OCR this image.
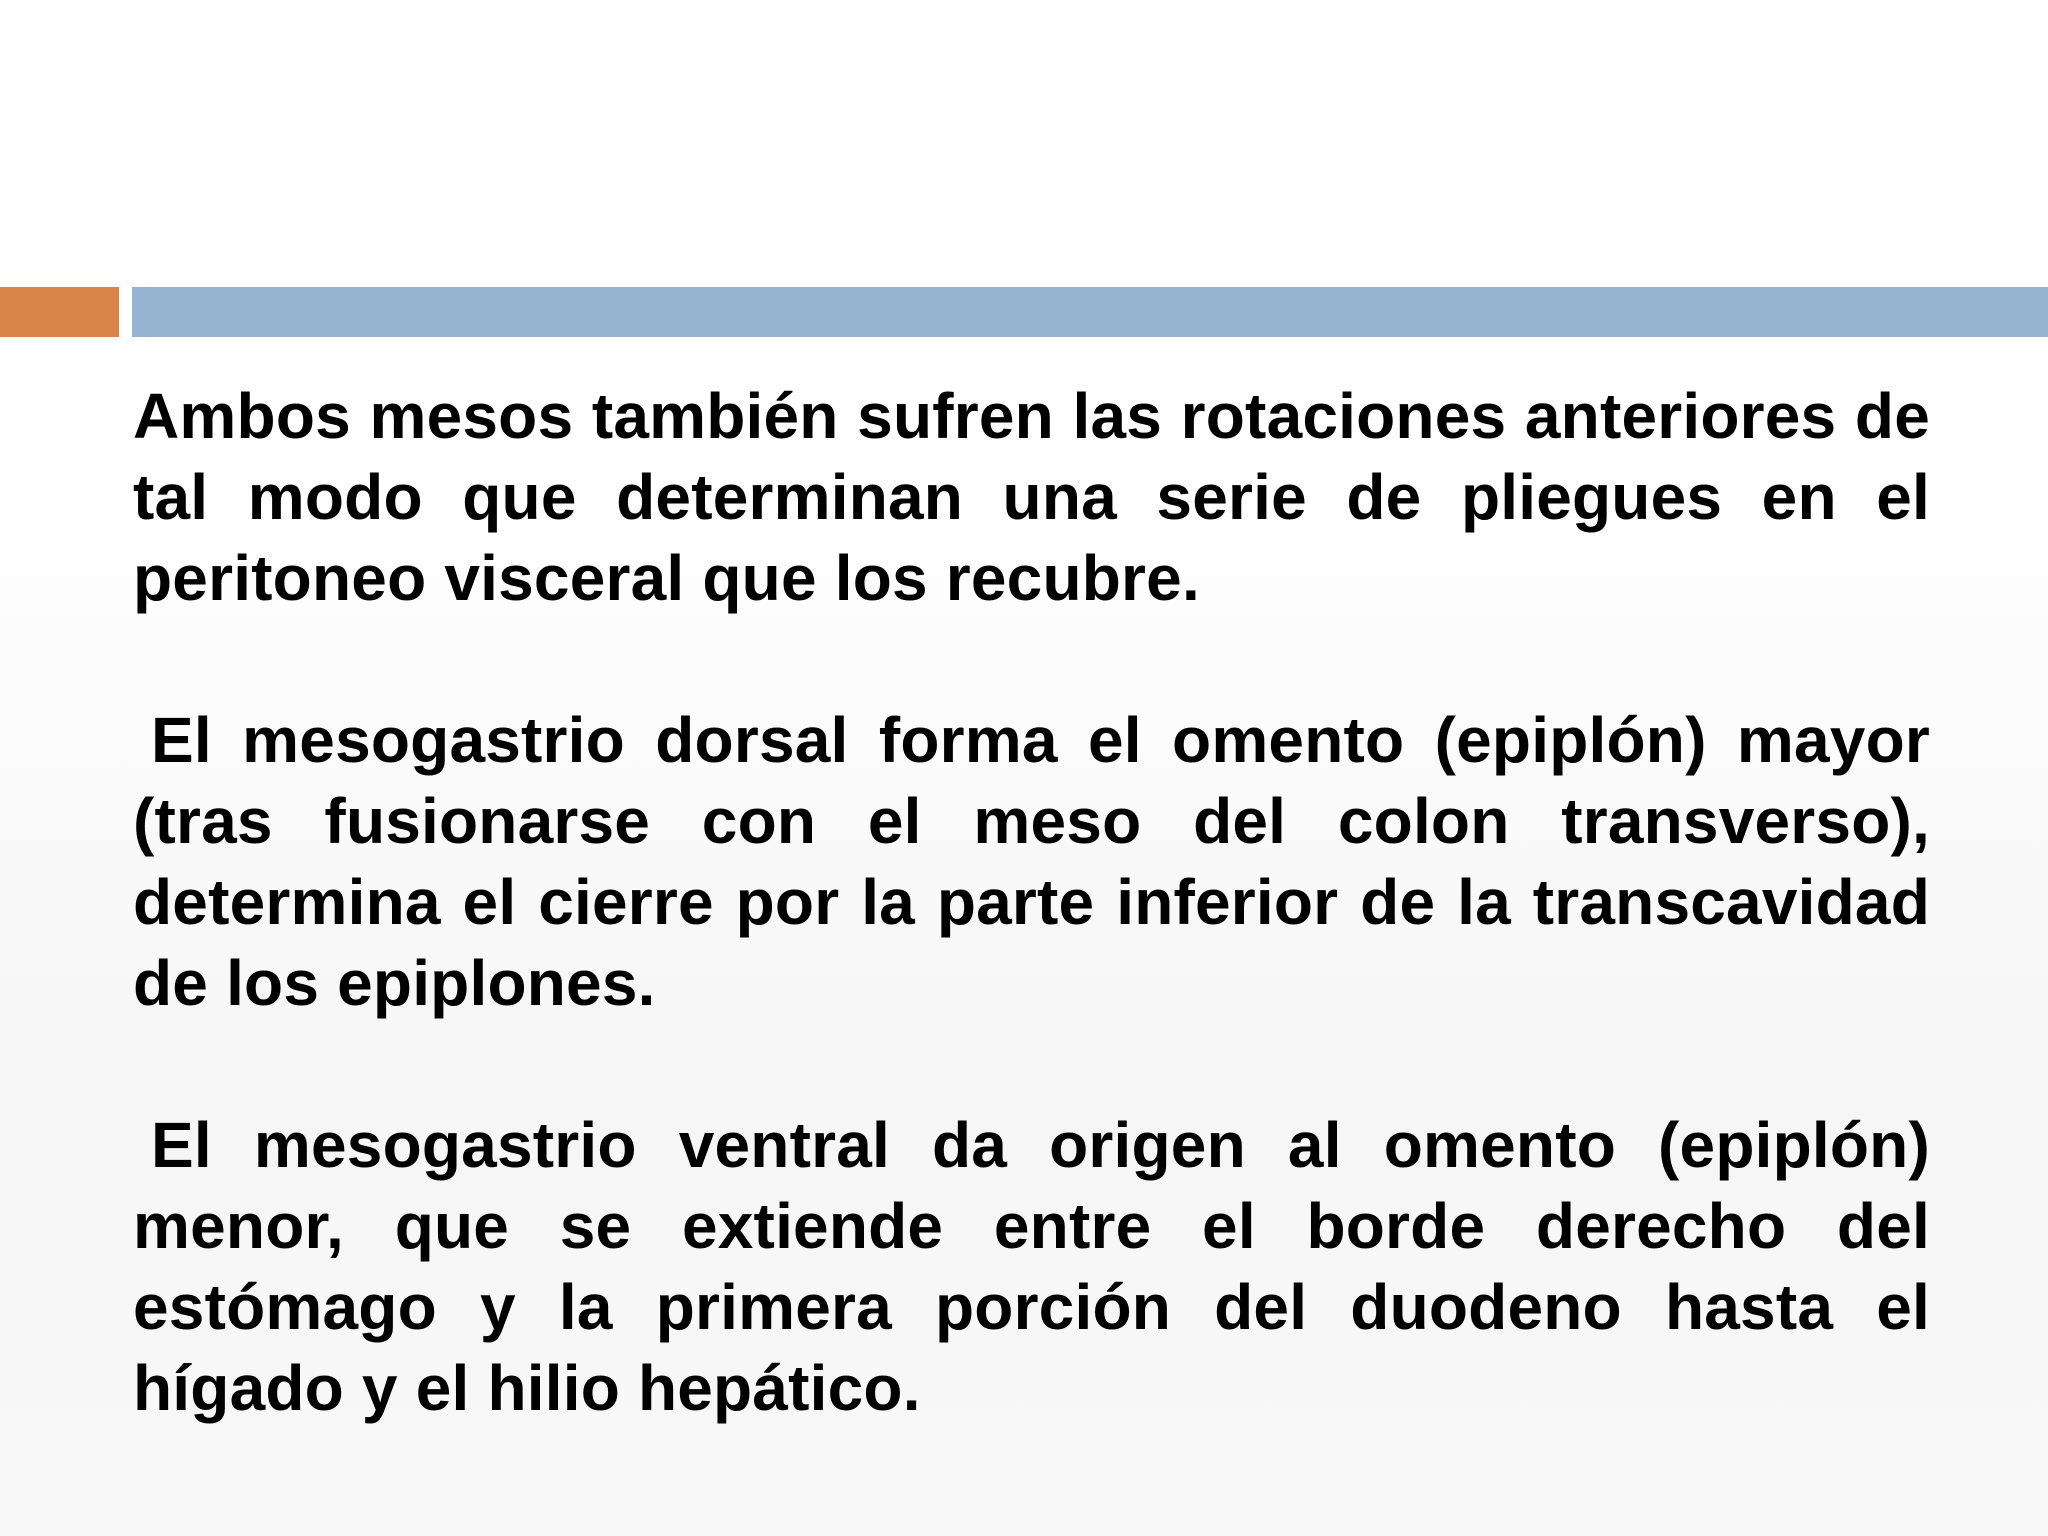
Ambos mesos también sufren las rotaciones anteriores de tal modo que determinan una serie de pliegues en el peritoneo visceral que los recubre.

El mesogastrio dorsal forma el omento (epiplón) mayor (tras fusionarse con el meso del colon transverso), determina el cierre por la parte inferior de la transcavidad de los epiplones.

El mesogastrio ventral da origen al omento (epiplón) menor, que se extiende entre el borde derecho del estómago y la primera porción del duodeno hasta el hígado y el hilio hepático.
